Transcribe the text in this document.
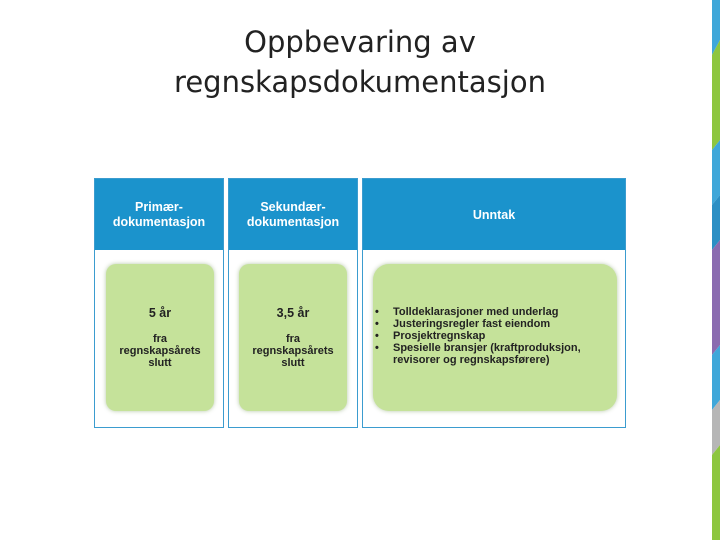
Oppbevaring av
regnskapsdokumentasjon
Primær-
dokumentasjon
5 år
fra
regnskapsårets
slutt
Sekundær-
dokumentasjon
3,5 år
fra
regnskapsårets
slutt
Unntak
• Tolldeklarasjoner med underlag
• Justeringsregler fast eiendom
• Prosjektregnskap
• Spesielle bransjer (kraftproduksjon, revisorer og regnskapsførere)
